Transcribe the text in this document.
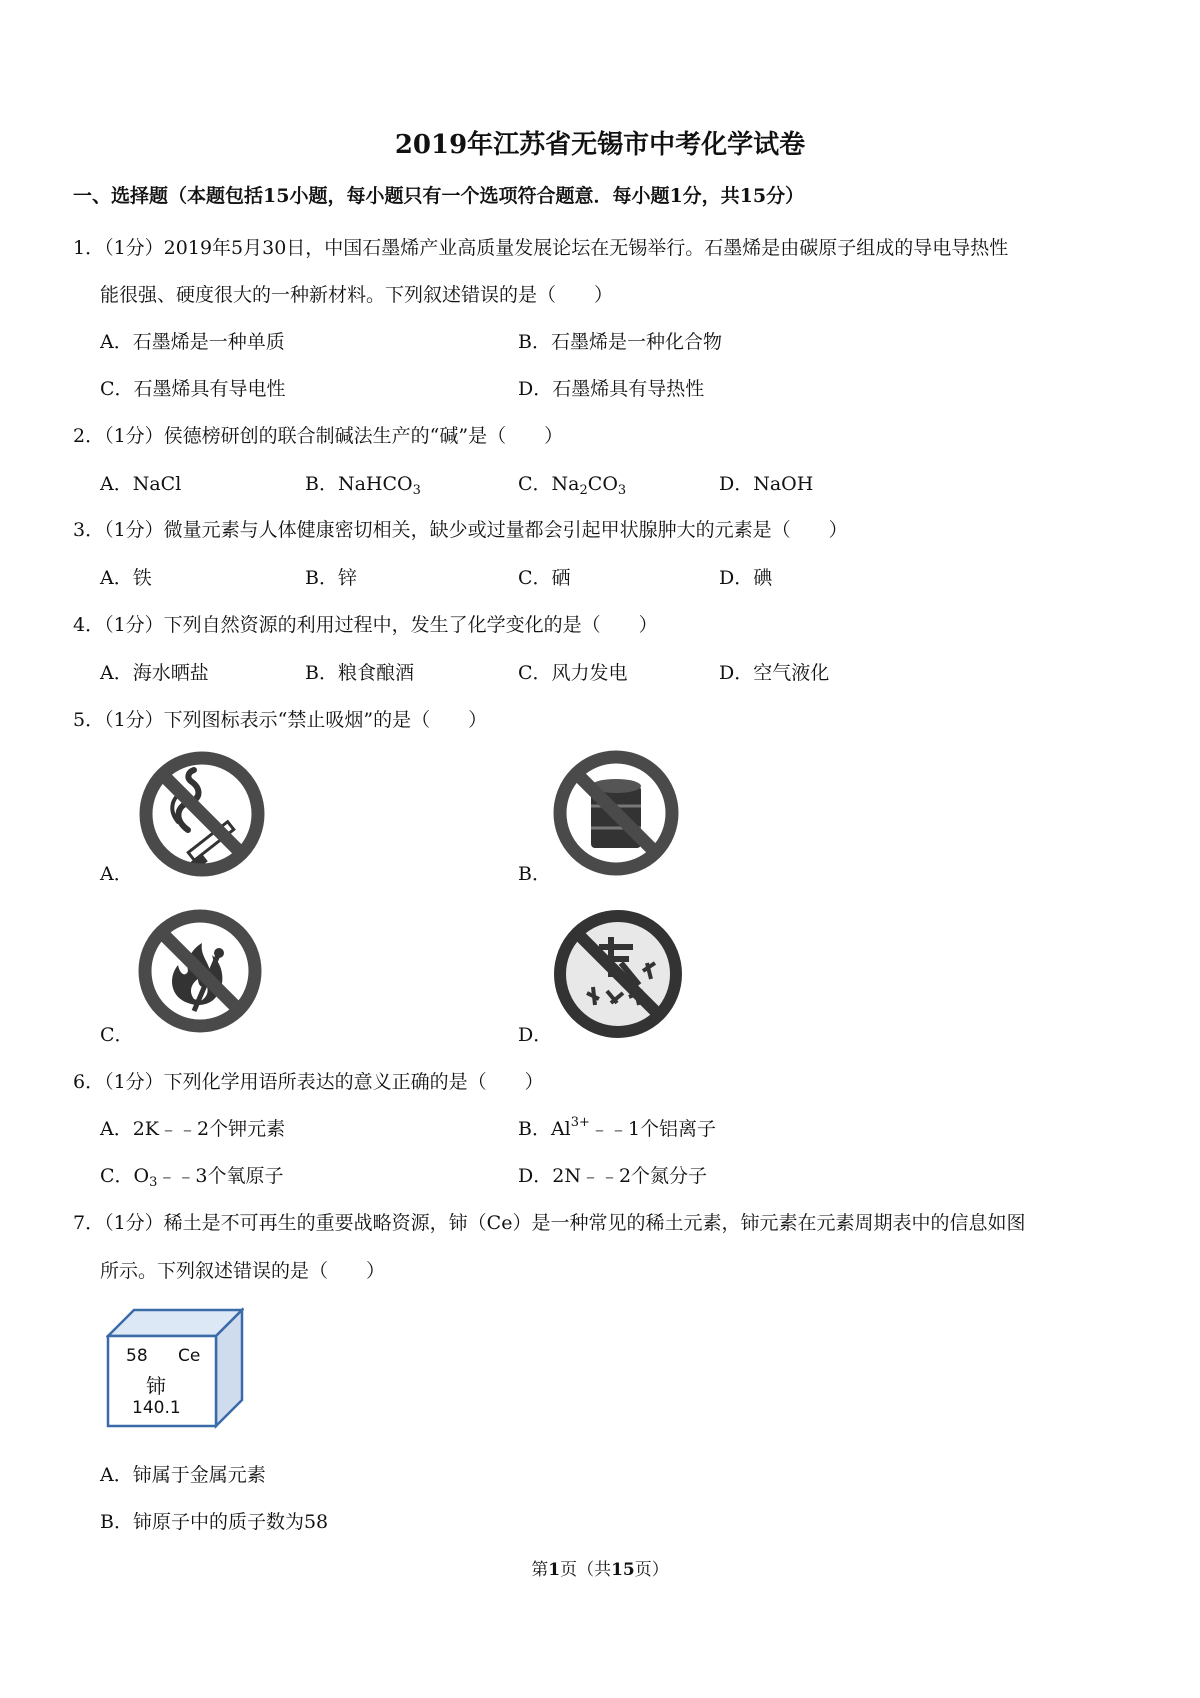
2019年江苏省无锡市中考化学试卷
一、选择题（本题包括15小题，每小题只有一个选项符合题意．每小题1分，共15分）
1．（1分）2019年5月30日，中国石墨烯产业高质量发展论坛在无锡举行。石墨烯是由碳原子组成的导电导热性
能很强、硬度很大的一种新材料。下列叙述错误的是（　　）
A．石墨烯是一种单质	B．石墨烯是一种化合物
C．石墨烯具有导电性	D．石墨烯具有导热性
2．（1分）侯德榜研创的联合制碱法生产的“碱”是（　　）
A．NaCl	B．NaHCO$_3$	C．$Na_2CO_3$	D．NaOH
3．（1分）微量元素与人体健康密切相关，缺少或过量都会引起甲状腺肿大的元素是（　　）
A．铁	B．锌	C．硒	D．碘
4．（1分）下列自然资源的利用过程中，发生了化学变化的是（　　）
A．海水晒盐	B．粮食酿酒	C．风力发电	D．空气液化
5．（1分）下列图标表示“禁止吸烟”的是（　　）
A．	B．
C．	D．
6．（1分）下列化学用语所表达的意义正确的是（　　）
A．2K﹣﹣2个钾元素	B．$Al^{3+}﹣﹣1$个铝离子
C．$O_3﹣﹣3$个氧原子	D．2N﹣﹣2个氮分子
7．（1分）稀土是不可再生的重要战略资源，铈（Ce）是一种常见的稀土元素，铈元素在元素周期表中的信息如图
所示。下列叙述错误的是（　　）
58 Ce
铈
140.1
A．铈属于金属元素
B．铈原子中的质子数为58
第1页（共15页）
